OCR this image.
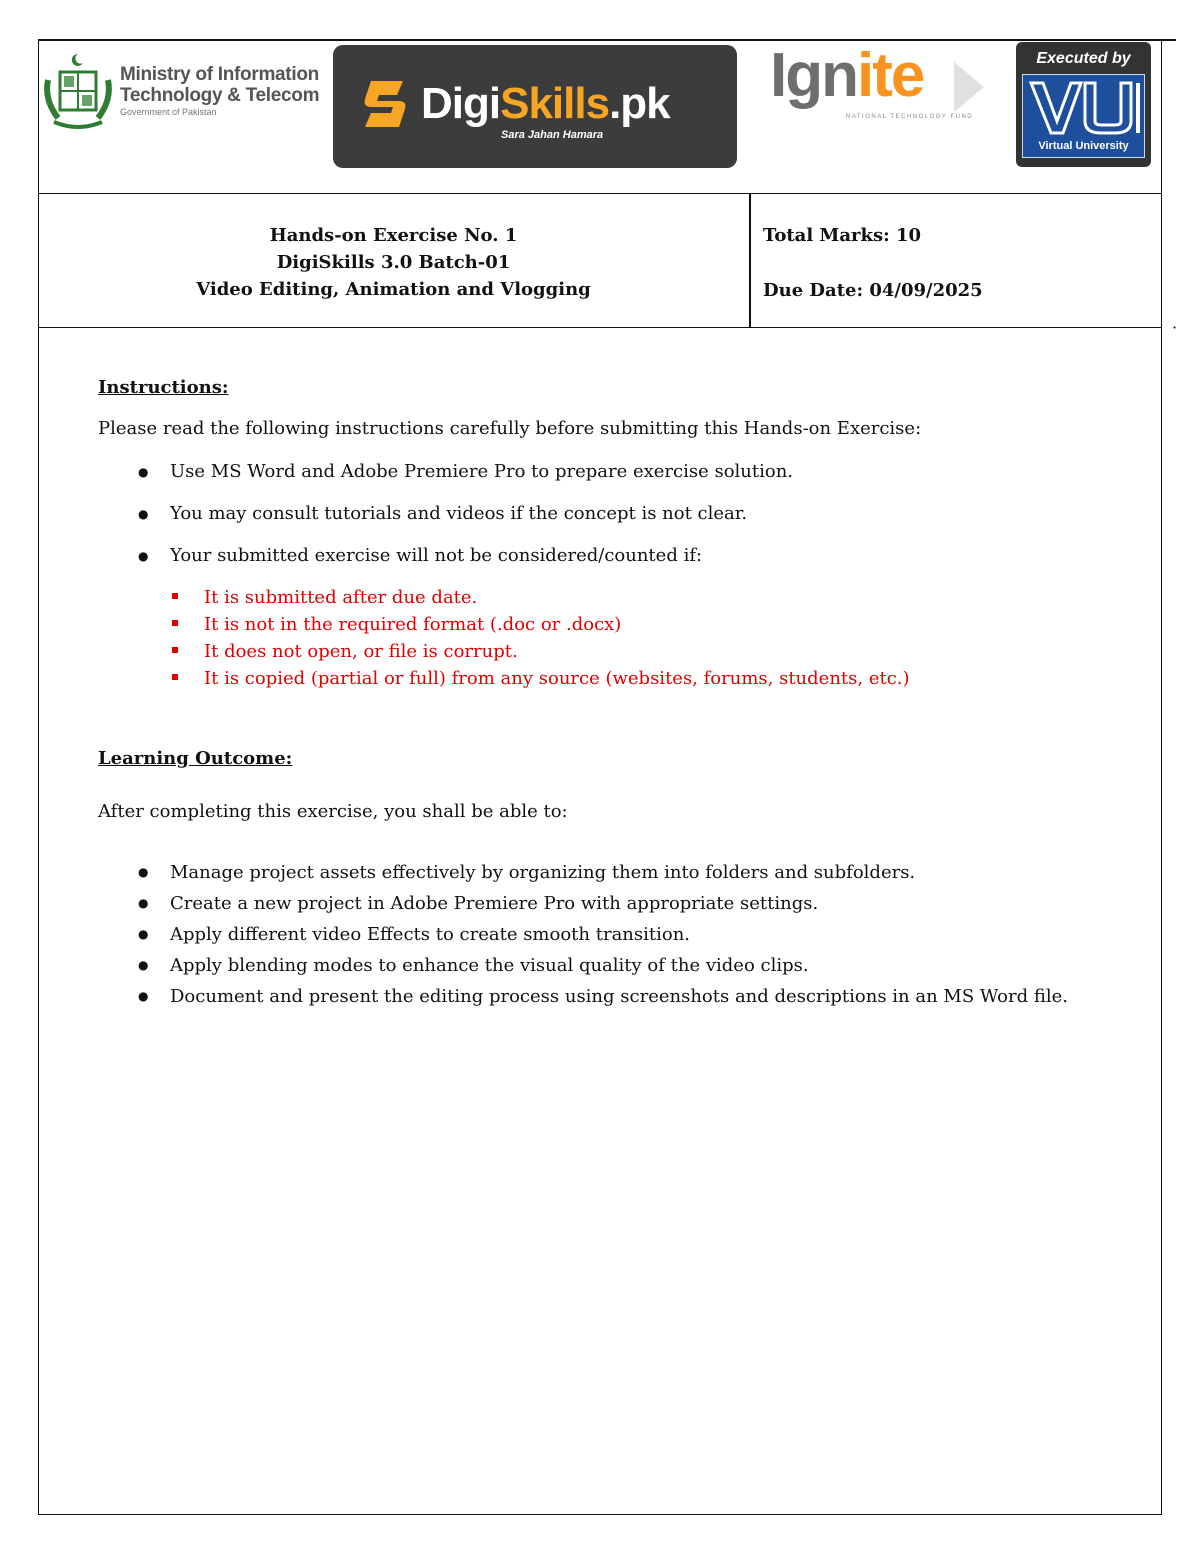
Ministry of Information
Technology & Telecom
Government of Pakistan	DigiSkills.pk
Sara Jahan Hamara
Ignite
NATIONAL TECHNOLOGY FUND
Executed by
Virtual University
Hands-on Exercise No. 1
DigiSkills 3.0 Batch-01
Video Editing, Animation and Vlogging
Total Marks: 10
Due Date: 04/09/2025
·
Instructions:
Please read the following instructions carefully before submitting this Hands-on Exercise:
● Use MS Word and Adobe Premiere Pro to prepare exercise solution.
● You may consult tutorials and videos if the concept is not clear.
● Your submitted exercise will not be considered/counted if:
It is submitted after due date.
It is not in the required format (.doc or .docx)
It does not open, or file is corrupt.
It is copied (partial or full) from any source (websites, forums, students, etc.)
Learning Outcome:
After completing this exercise, you shall be able to:
● Manage project assets effectively by organizing them into folders and subfolders.
● Create a new project in Adobe Premiere Pro with appropriate settings.
● Apply different video Effects to create smooth transition.
● Apply blending modes to enhance the visual quality of the video clips.
● Document and present the editing process using screenshots and descriptions in an MS Word file.
